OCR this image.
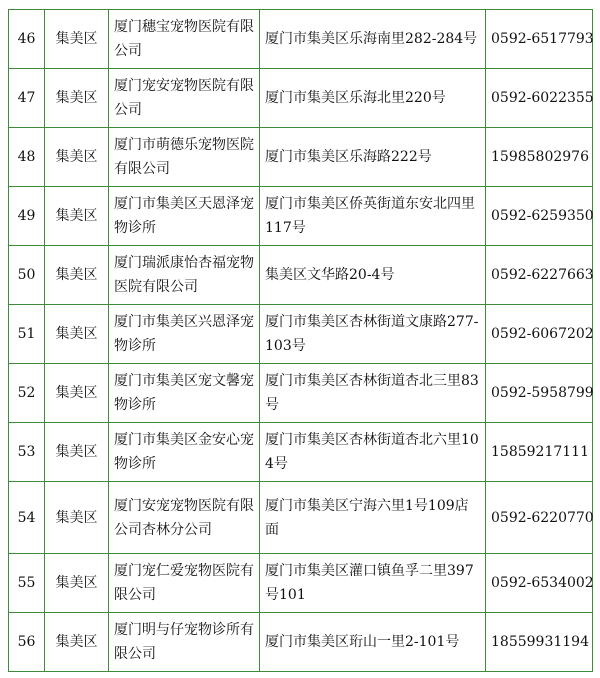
46	集美区	厦门穗宝宠物医院有限公司	厦门市集美区乐海南里282-284号	0592-6517793
47	集美区	厦门宠安宠物医院有限公司	厦门市集美区乐海北里220号	0592-6022355
48	集美区	厦门市萌德乐宠物医院有限公司	厦门市集美区乐海路222号	15985802976
49	集美区	厦门市集美区天恩泽宠物诊所	厦门市集美区侨英街道东安北四里117号	0592-6259350
50	集美区	厦门瑞派康怡杏福宠物医院有限公司	集美区文华路20-4号	0592-6227663
51	集美区	厦门市集美区兴恩泽宠物诊所	厦门市集美区杏林街道文康路277-103号	0592-6067202
52	集美区	厦门市集美区宠文馨宠物诊所	厦门市集美区杏林街道杏北三里83号	0592-5958799
53	集美区	厦门市集美区金安心宠物诊所	厦门市集美区杏林街道杏北六里104号	15859217111
54	集美区	厦门安宠宠物医院有限公司杏林分公司	厦门市集美区宁海六里1号109店面	0592-6220770
55	集美区	厦门宠仁爱宠物医院有限公司	厦门市集美区灌口镇鱼孚二里397号101	0592-6534002
56	集美区	厦门明与仔宠物诊所有限公司	厦门市集美区珩山一里2-101号	18559931194
